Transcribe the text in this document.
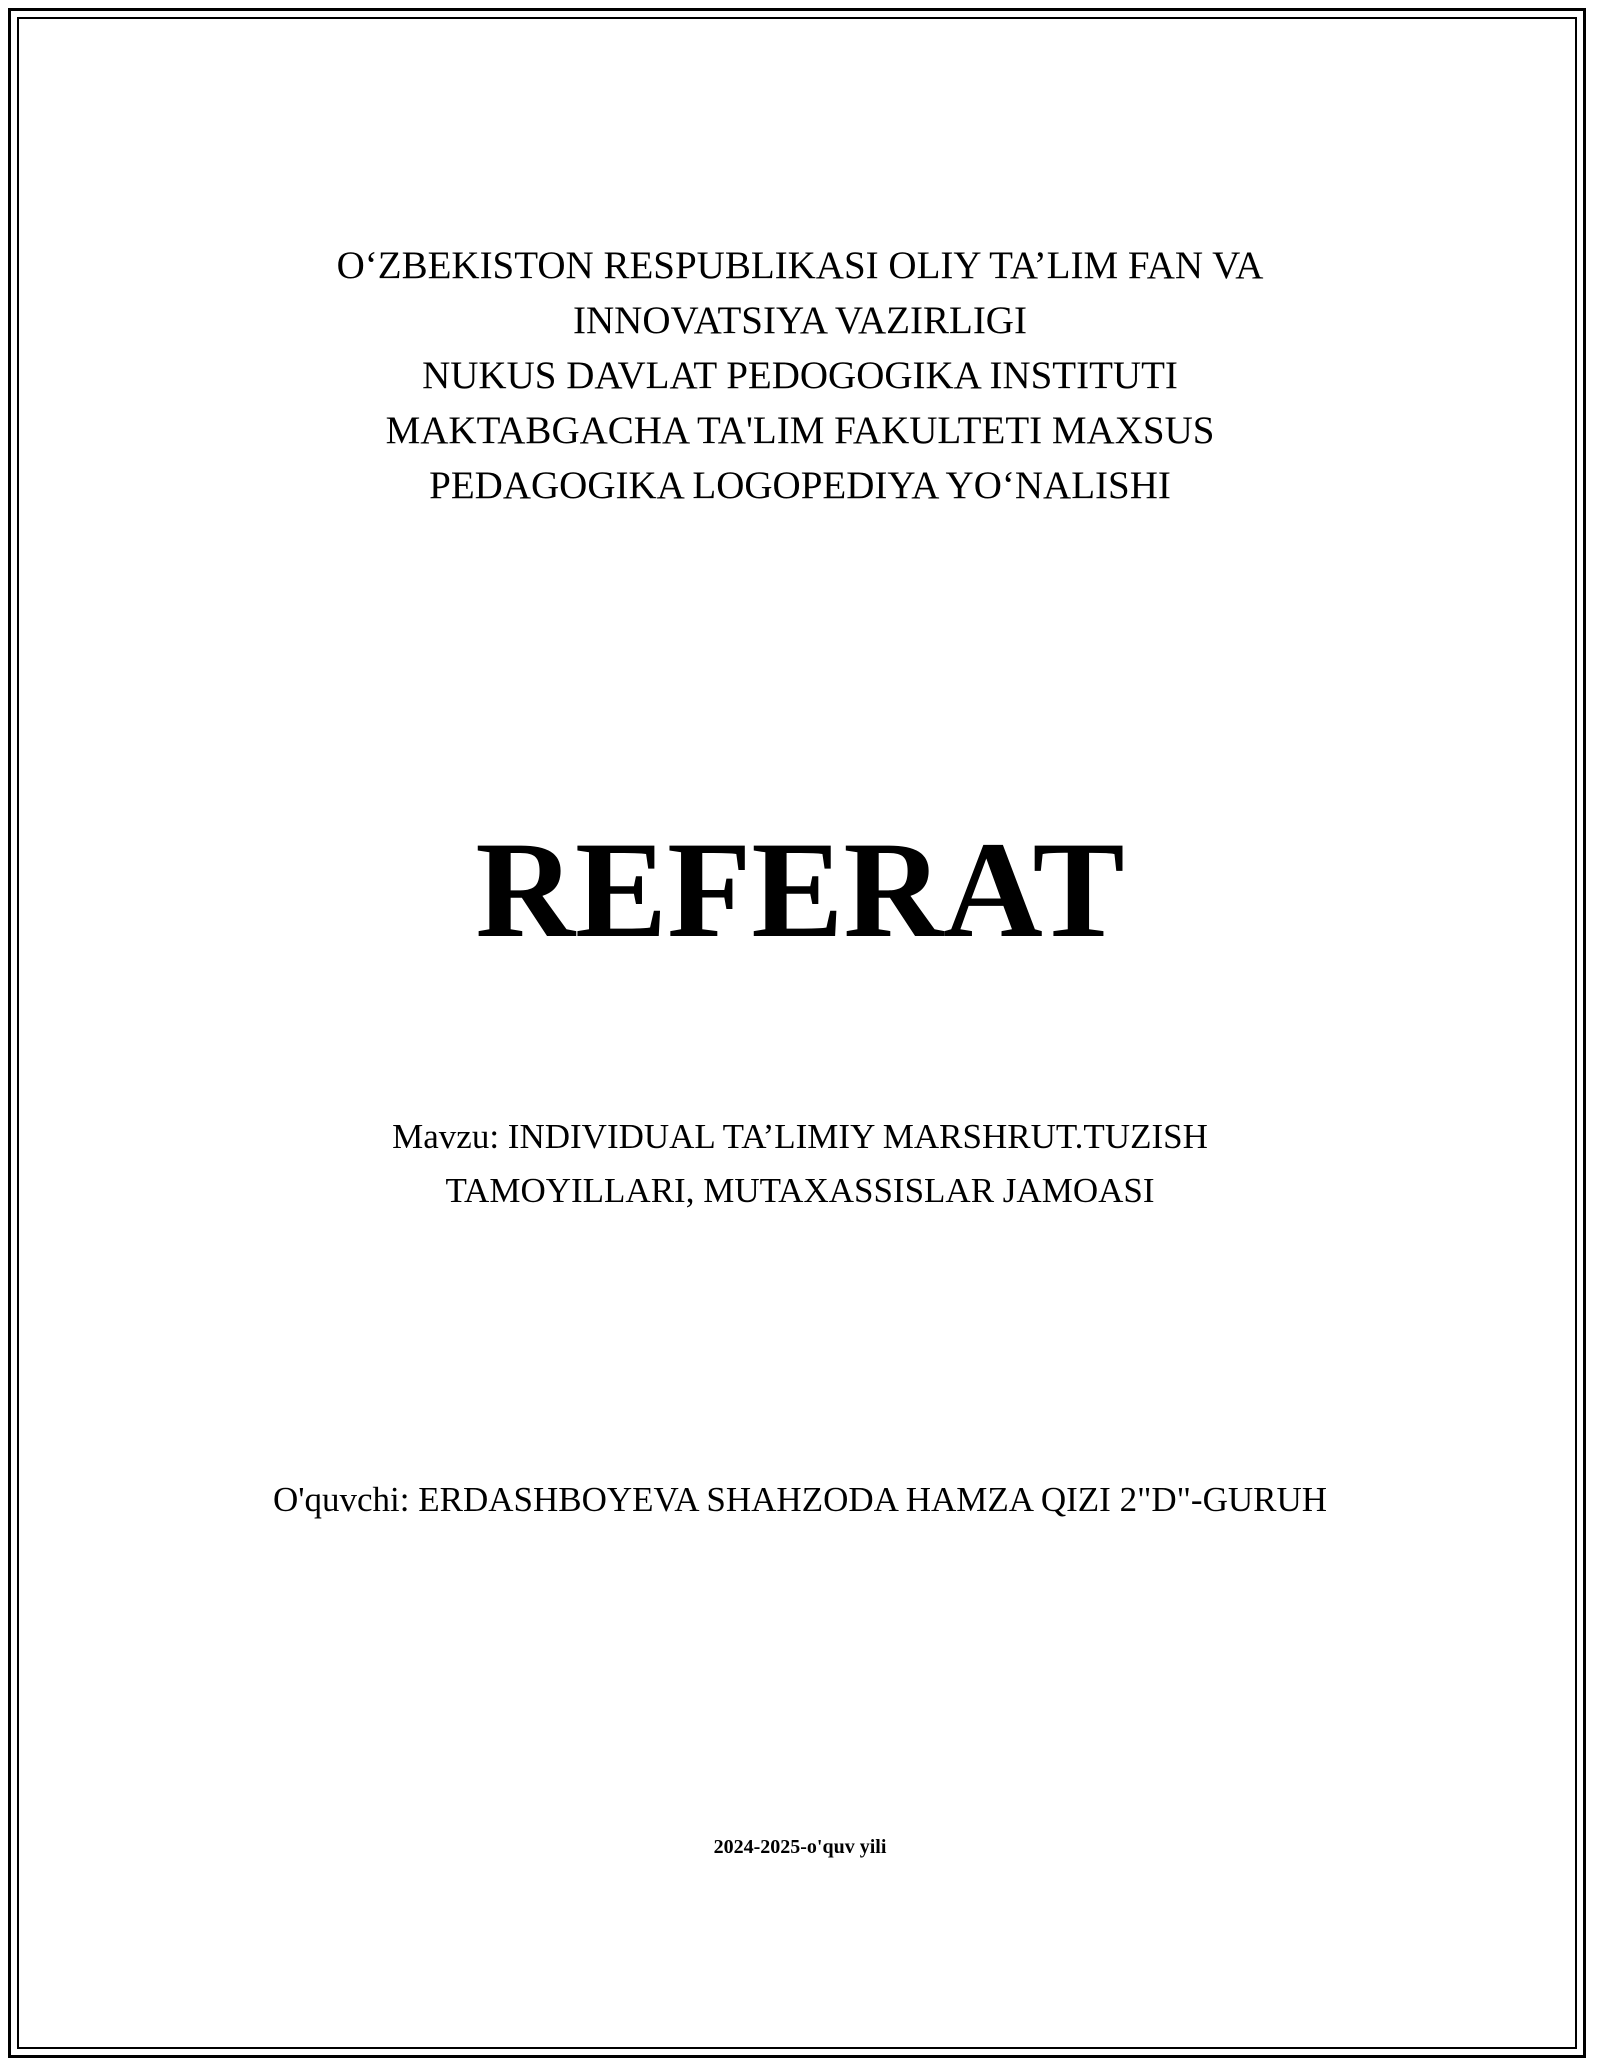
O‘ZBEKISTON RESPUBLIKASI OLIY TA’LIM FAN VA
INNOVATSIYA VAZIRLIGI
NUKUS DAVLAT PEDOGOGIKA INSTITUTI
MAKTABGACHA TA'LIM FAKULTETI MAXSUS
PEDAGOGIKA LOGOPEDIYA YO‘NALISHI
REFERAT
Mavzu: INDIVIDUAL TA’LIMIY MARSHRUT.TUZISH
TAMOYILLARI, MUTAXASSISLAR JAMOASI
O'quvchi: ERDASHBOYEVA SHAHZODA HAMZA QIZI 2"D"-GURUH
2024-2025-o'quv yili
